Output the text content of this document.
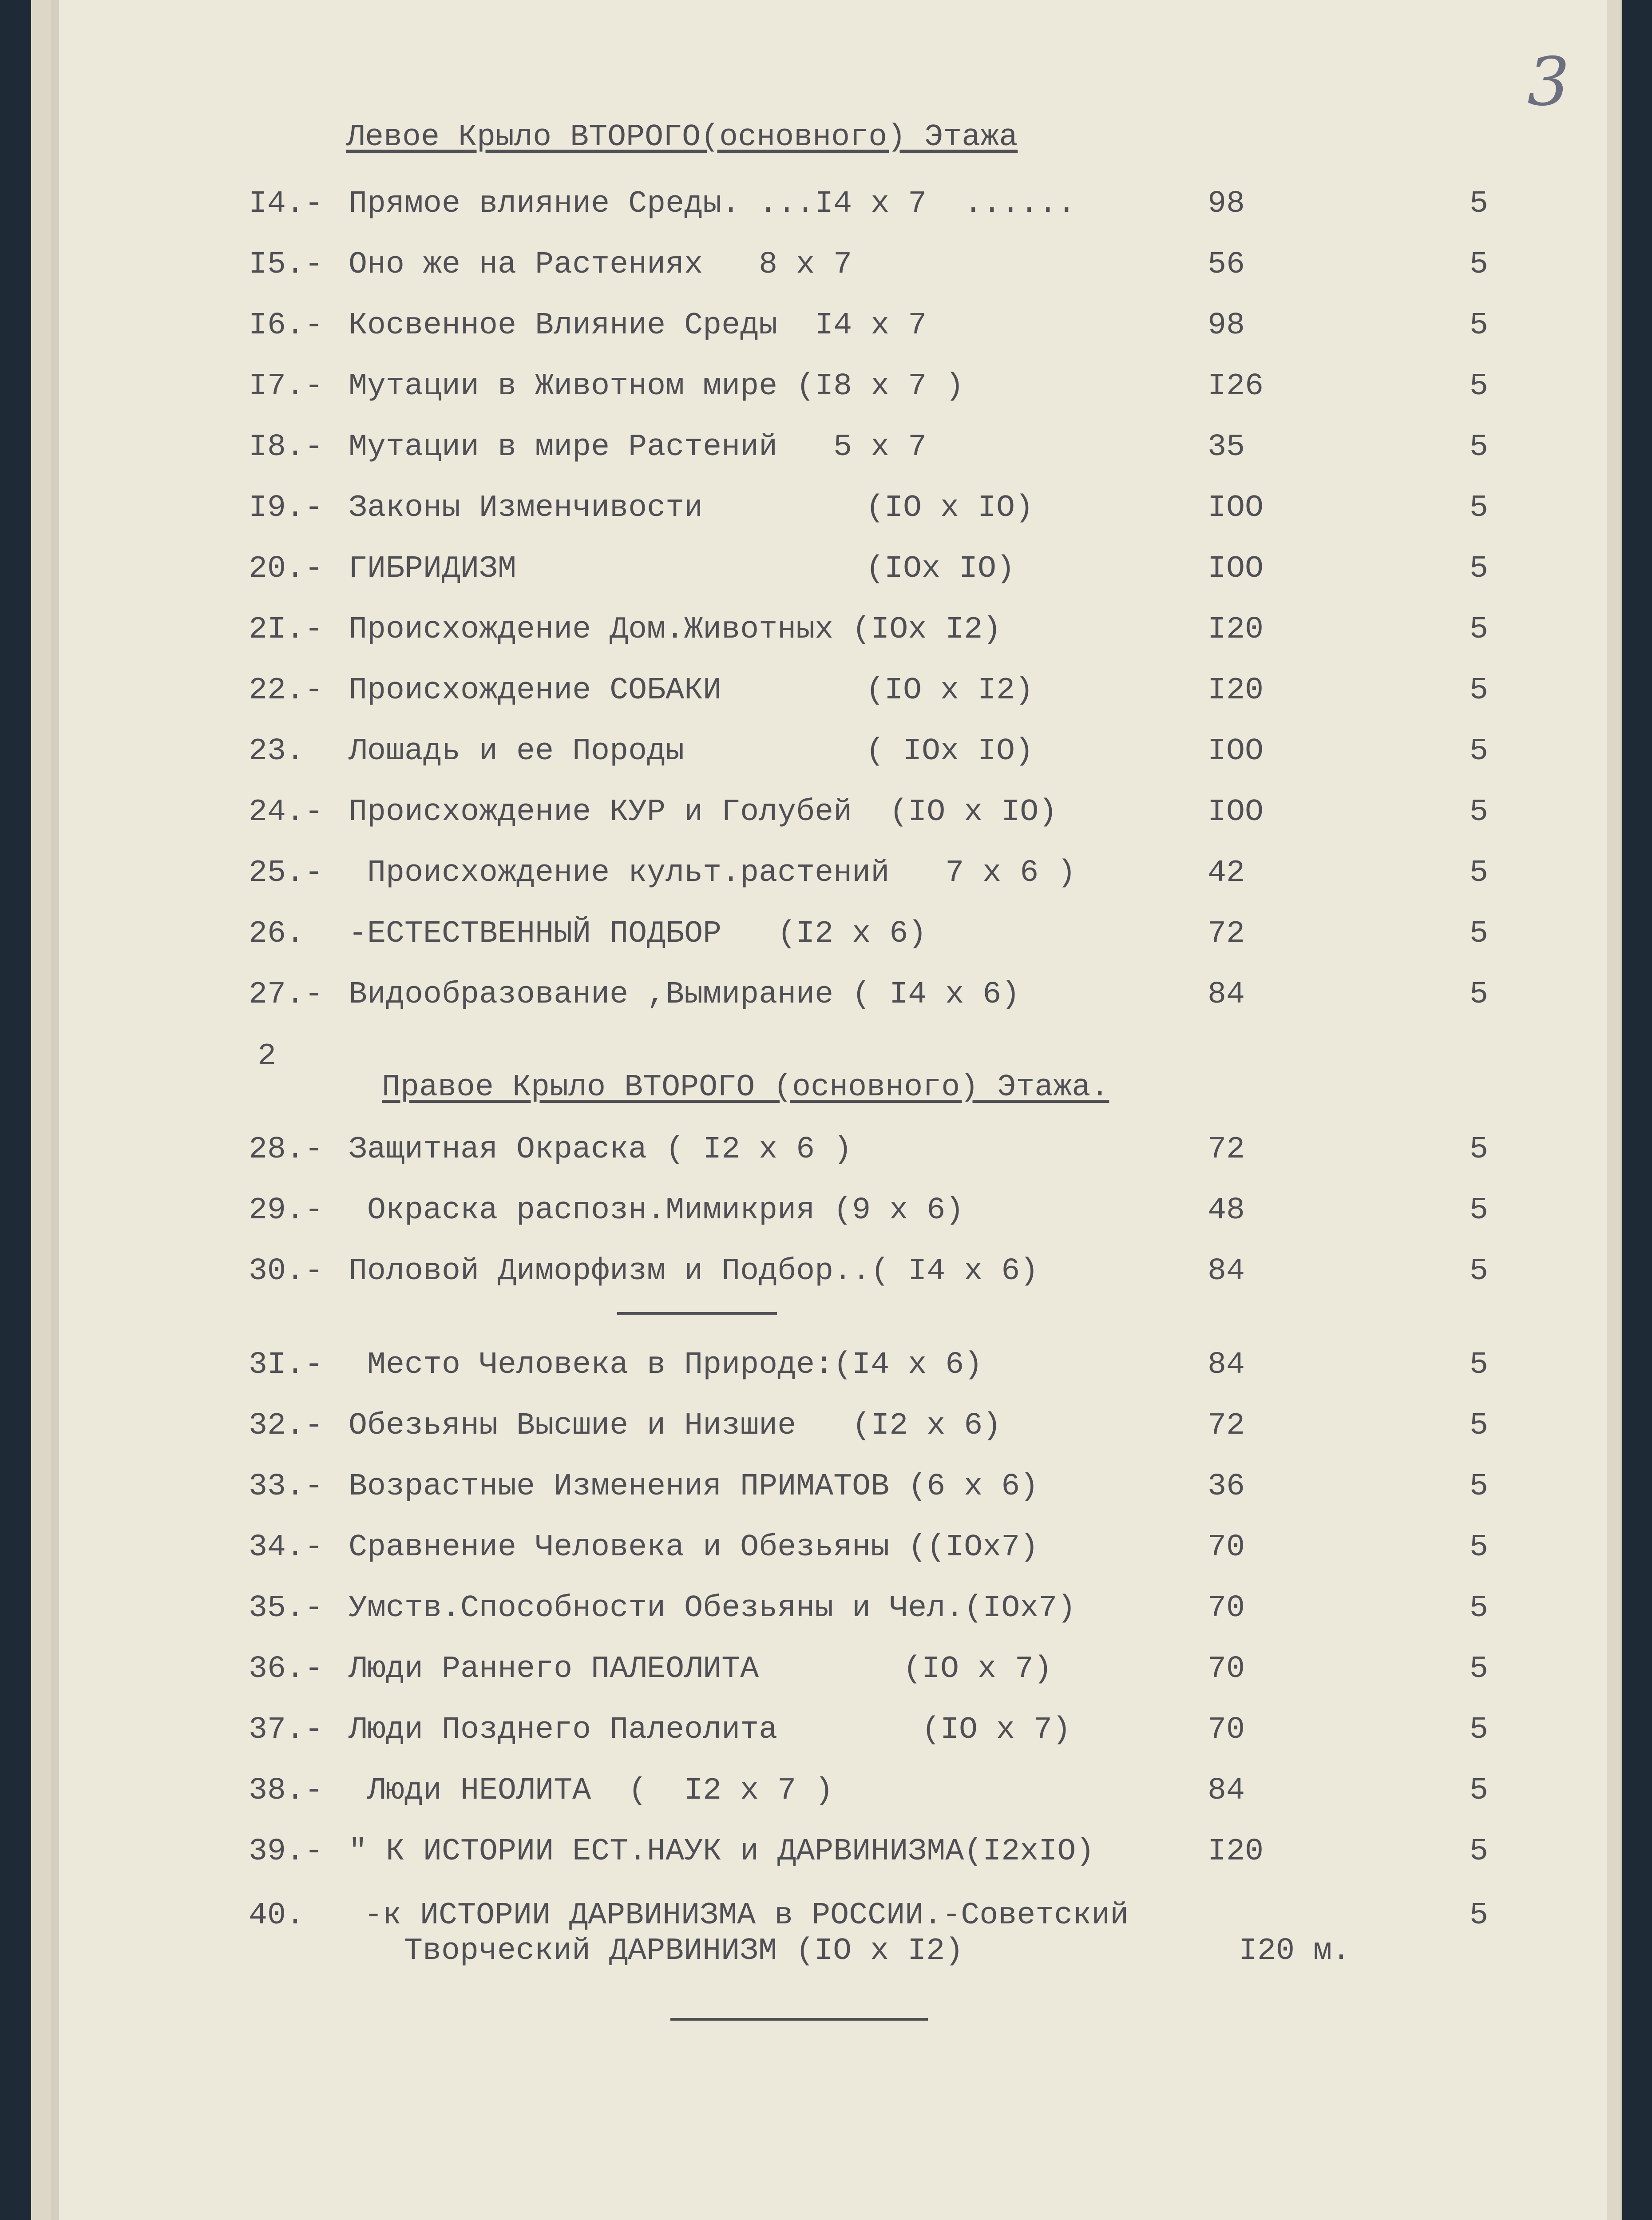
3
Левое Крыло ВТОРОГО(основного) Этажа
I4.- Прямое влияние Среды. ...I4 x 7  ......	98	5
I5.- Оно же на Растениях   8 x 7	56	5
I6.- Косвенное Влияние Среды  I4 x 7	98	5
I7.- Мутации в Животном мире (I8 x 7 )	I26	5
I8.- Мутации в мире Растений   5 x 7	35	5
I9.- Законы Изменчивости	(IO x IO)	IOO	5
20.- ГИБРИДИЗМ	(IOx IO)	IOO	5
2I.- Происхождение Дом.Животных (IOx I2)	I20	5
22.- Происхождение СОБАКИ	(IO x I2)	I20	5
23. Лошадь и ее Породы	( IOx IO)	IOO	5
24.- Происхождение КУР и Голубей  (IO x IO)	IOO	5
25.- Происхождение культ.растений   7 x 6 )	42	5
26. -ЕСТЕСТВЕННЫЙ ПОДБОР   (I2 x 6)	72	5
27.- Видообразование ,Вымирание ( I4 x 6)	84	5
2
Правое Крыло ВТОРОГО (основного) Этажа.
28.- Защитная Окраска ( I2 x 6 )	72	5
29.- Окраска распозн.Мимикрия (9 x 6)	48	5
30.- Половой Диморфизм и Подбор..( I4 x 6)	84	5
3I.- Место Человека в Природе:(I4 x 6)	84	5
32.- Обезьяны Высшие и Низшие   (I2 x 6)	72	5
33.- Возрастные Изменения ПРИМАТОВ (6 x 6)	36	5
34.- Сравнение Человека и Обезьяны ((IOx7)	70	5
35.- Умств.Способности Обезьяны и Чел.(IOx7)	70	5
36.- Люди Раннего ПАЛЕОЛИТА	(IO x 7)	70	5
37.- Люди Позднего Палеолита	(IO x 7)	70	5
38.- Люди НЕОЛИТА  (  I2 x 7 )	84	5
39.- " К ИСТОРИИ ЕСТ.НАУК и ДАРВИНИЗМА(I2xIO)	I20	5
40. -к ИСТОРИИ ДАРВИНИЗМА в РОССИИ.-Советский	5
Творческий ДАРВИНИЗМ (IO x I2)	I20 м.
